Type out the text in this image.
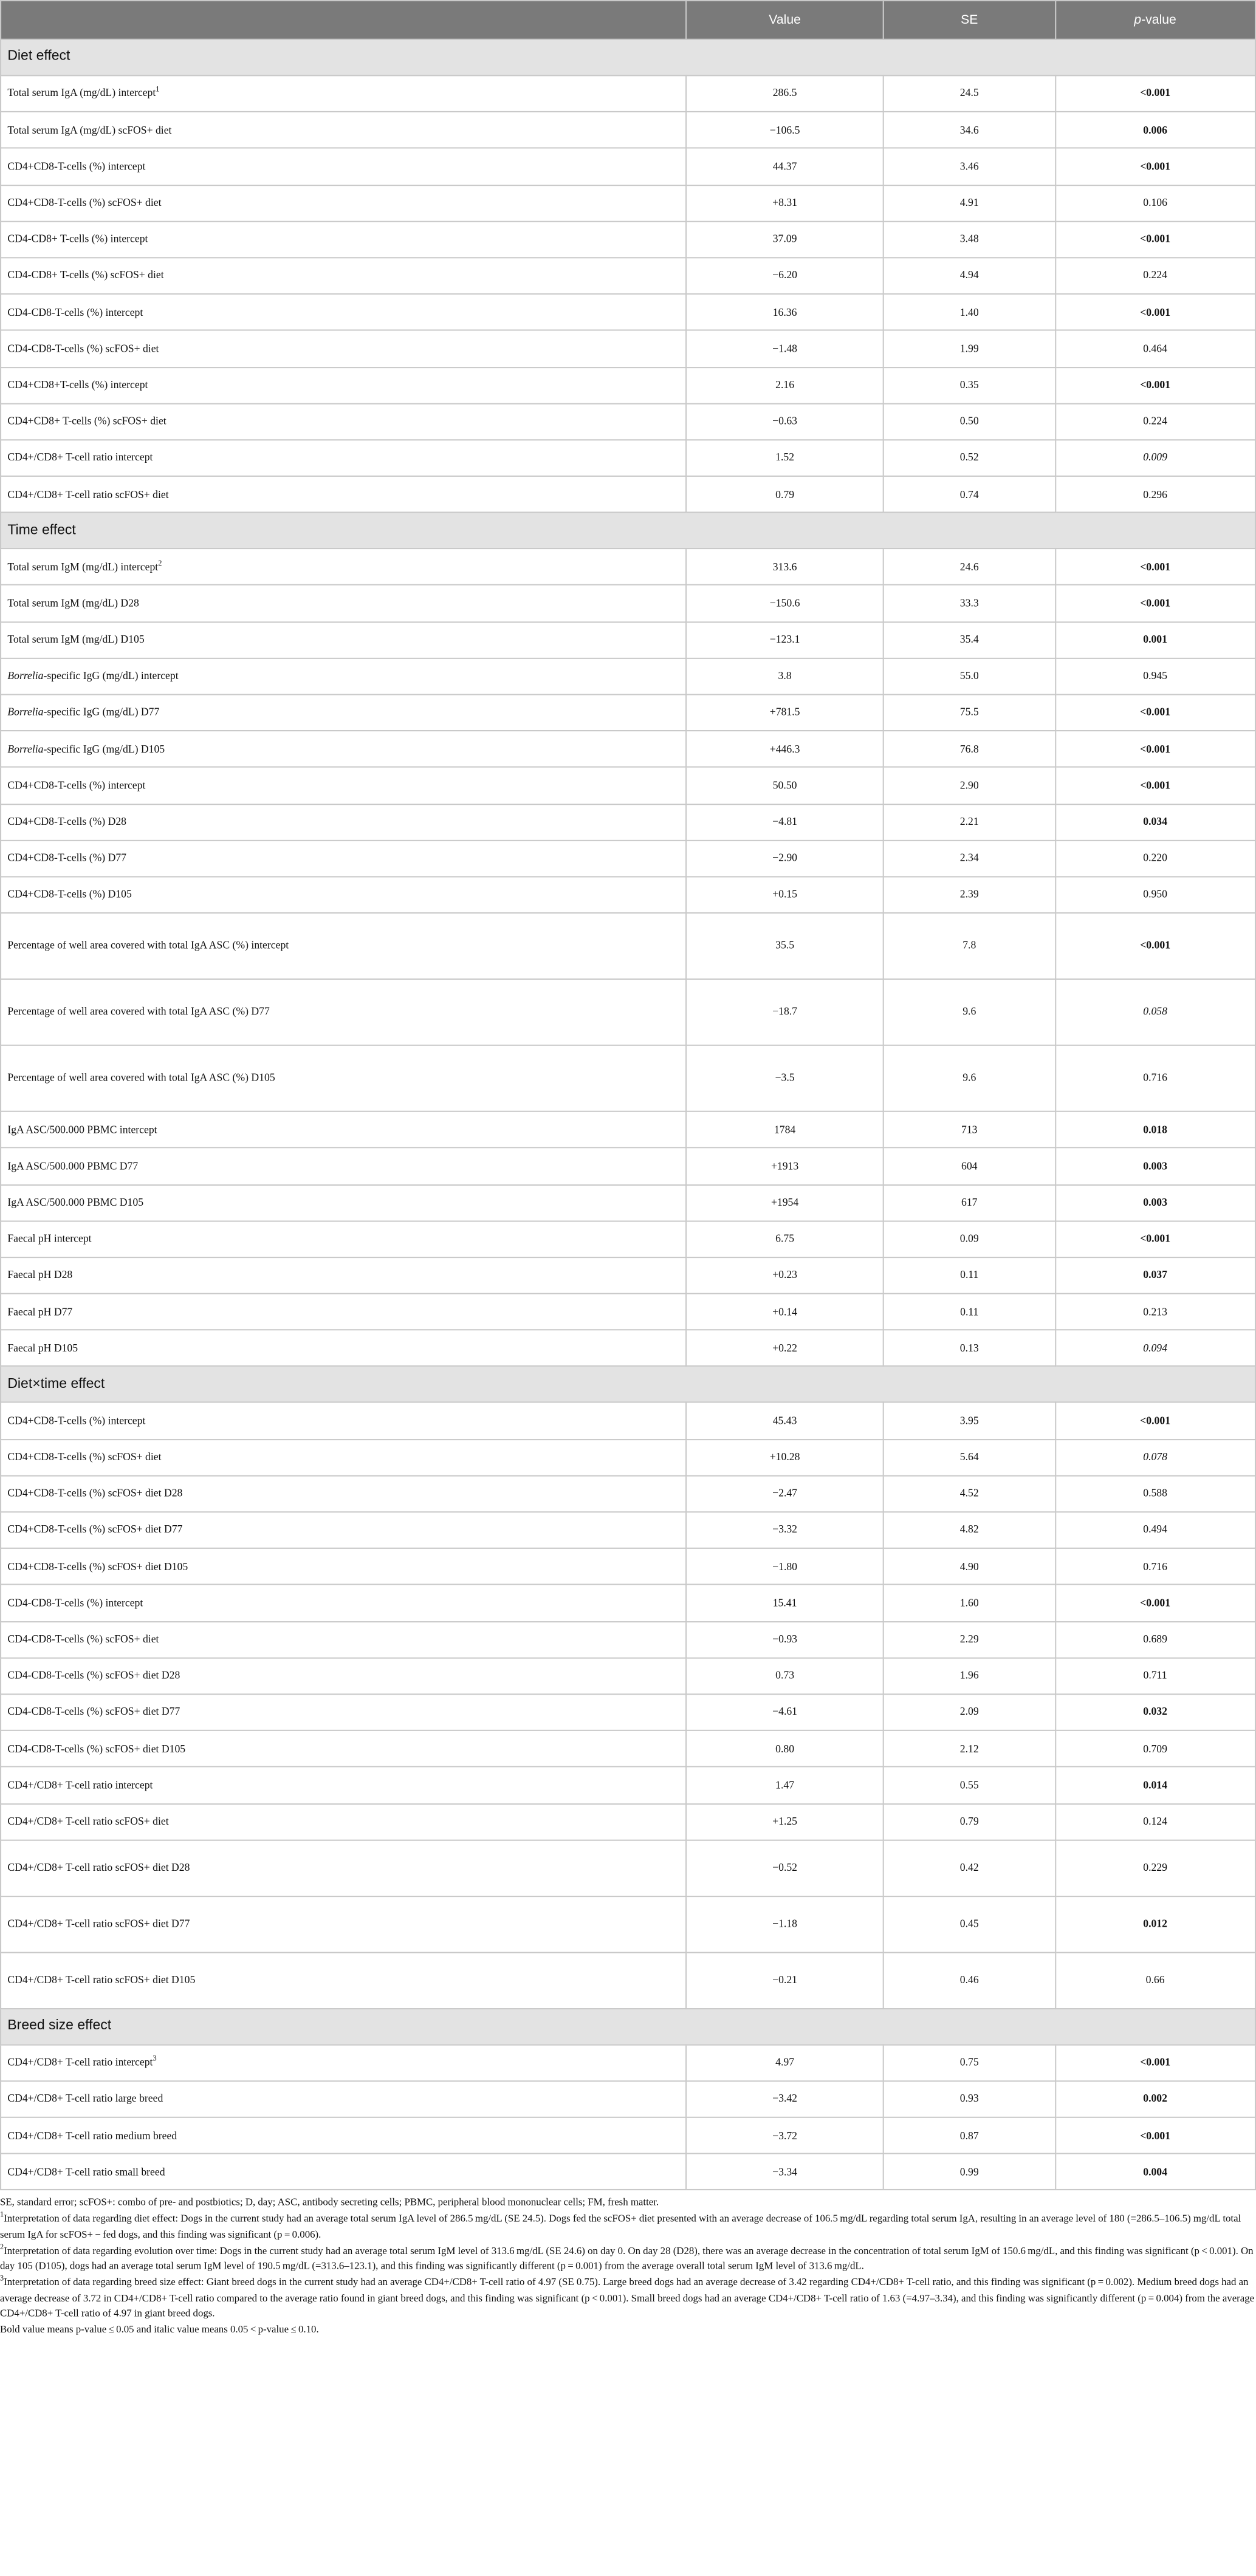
	Value	SE	p-value
Diet effect			
Total serum IgA (mg/dL) intercept$^1$	286.5	24.5	<0.001
Total serum IgA (mg/dL) scFOS+ diet	−106.5	34.6	0.006
CD4+CD8-T-cells (%) intercept	44.37	3.46	<0.001
CD4+CD8-T-cells (%) scFOS+ diet	+8.31	4.91	0.106
CD4-CD8+ T-cells (%) intercept	37.09	3.48	<0.001
CD4-CD8+ T-cells (%) scFOS+ diet	−6.20	4.94	0.224
CD4-CD8-T-cells (%) intercept	16.36	1.40	<0.001
CD4-CD8-T-cells (%) scFOS+ diet	−1.48	1.99	0.464
CD4+CD8+T-cells (%) intercept	2.16	0.35	<0.001
CD4+CD8+ T-cells (%) scFOS+ diet	−0.63	0.50	0.224
CD4+/CD8+ T-cell ratio intercept	1.52	0.52	0.009
CD4+/CD8+ T-cell ratio scFOS+ diet	0.79	0.74	0.296
Time effect			
Total serum IgM (mg/dL) intercept$^2$	313.6	24.6	<0.001
Total serum IgM (mg/dL) D28	−150.6	33.3	<0.001
Total serum IgM (mg/dL) D105	−123.1	35.4	0.001
Borrelia-specific IgG (mg/dL) intercept	3.8	55.0	0.945
Borrelia-specific IgG (mg/dL) D77	+781.5	75.5	<0.001
Borrelia-specific IgG (mg/dL) D105	+446.3	76.8	<0.001
CD4+CD8-T-cells (%) intercept	50.50	2.90	<0.001
CD4+CD8-T-cells (%) D28	−4.81	2.21	0.034
CD4+CD8-T-cells (%) D77	−2.90	2.34	0.220
CD4+CD8-T-cells (%) D105	+0.15	2.39	0.950
Percentage of well area covered with total IgA ASC (%) intercept	35.5	7.8	<0.001
Percentage of well area covered with total IgA ASC (%) D77	−18.7	9.6	0.058
Percentage of well area covered with total IgA ASC (%) D105	−3.5	9.6	0.716
IgA ASC/500.000 PBMC intercept	1784	713	0.018
IgA ASC/500.000 PBMC D77	+1913	604	0.003
IgA ASC/500.000 PBMC D105	+1954	617	0.003
Faecal pH intercept	6.75	0.09	<0.001
Faecal pH D28	+0.23	0.11	0.037
Faecal pH D77	+0.14	0.11	0.213
Faecal pH D105	+0.22	0.13	0.094
Diet×time effect			
CD4+CD8-T-cells (%) intercept	45.43	3.95	<0.001
CD4+CD8-T-cells (%) scFOS+ diet	+10.28	5.64	0.078
CD4+CD8-T-cells (%) scFOS+ diet D28	−2.47	4.52	0.588
CD4+CD8-T-cells (%) scFOS+ diet D77	−3.32	4.82	0.494
CD4+CD8-T-cells (%) scFOS+ diet D105	−1.80	4.90	0.716
CD4-CD8-T-cells (%) intercept	15.41	1.60	<0.001
CD4-CD8-T-cells (%) scFOS+ diet	−0.93	2.29	0.689
CD4-CD8-T-cells (%) scFOS+ diet D28	0.73	1.96	0.711
CD4-CD8-T-cells (%) scFOS+ diet D77	−4.61	2.09	0.032
CD4-CD8-T-cells (%) scFOS+ diet D105	0.80	2.12	0.709
CD4+/CD8+ T-cell ratio intercept	1.47	0.55	0.014
CD4+/CD8+ T-cell ratio scFOS+ diet	+1.25	0.79	0.124
CD4+/CD8+ T-cell ratio scFOS+ diet D28	−0.52	0.42	0.229
CD4+/CD8+ T-cell ratio scFOS+ diet D77	−1.18	0.45	0.012
CD4+/CD8+ T-cell ratio scFOS+ diet D105	−0.21	0.46	0.66
Breed size effect			
CD4+/CD8+ T-cell ratio intercept$^3$	4.97	0.75	<0.001
CD4+/CD8+ T-cell ratio large breed	−3.42	0.93	0.002
CD4+/CD8+ T-cell ratio medium breed	−3.72	0.87	<0.001
CD4+/CD8+ T-cell ratio small breed	−3.34	0.99	0.004

SE, standard error; scFOS+: combo of pre- and postbiotics; D, day; ASC, antibody secreting cells; PBMC, peripheral blood mononuclear cells; FM, fresh matter.

$^1$Interpretation of data regarding diet effect: Dogs in the current study had an average total serum IgA level of 286.5 mg/dL (SE 24.5). Dogs fed the scFOS+ diet presented with an average decrease of 106.5 mg/dL regarding total serum IgA, resulting in an average level of 180 (=286.5–106.5) mg/dL total serum IgA for scFOS+ − fed dogs, and this finding was significant (p = 0.006).

$^2$Interpretation of data regarding evolution over time: Dogs in the current study had an average total serum IgM level of 313.6 mg/dL (SE 24.6) on day 0. On day 28 (D28), there was an average decrease in the concentration of total serum IgM of 150.6 mg/dL, and this finding was significant (p < 0.001). On day 105 (D105), dogs had an average total serum IgM level of 190.5 mg/dL (=313.6–123.1), and this finding was significantly different (p = 0.001) from the average overall total serum IgM level of 313.6 mg/dL.

$^3$Interpretation of data regarding breed size effect: Giant breed dogs in the current study had an average CD4+/CD8+ T-cell ratio of 4.97 (SE 0.75). Large breed dogs had an average decrease of 3.42 regarding CD4+/CD8+ T-cell ratio, and this finding was significant (p = 0.002). Medium breed dogs had an average decrease of 3.72 in CD4+/CD8+ T-cell ratio compared to the average ratio found in giant breed dogs, and this finding was significant (p < 0.001). Small breed dogs had an average CD4+/CD8+ T-cell ratio of 1.63 (=4.97–3.34), and this finding was significantly different (p = 0.004) from the average CD4+/CD8+ T-cell ratio of 4.97 in giant breed dogs.

Bold value means p-value ≤ 0.05 and italic value means 0.05 < p-value ≤ 0.10.
